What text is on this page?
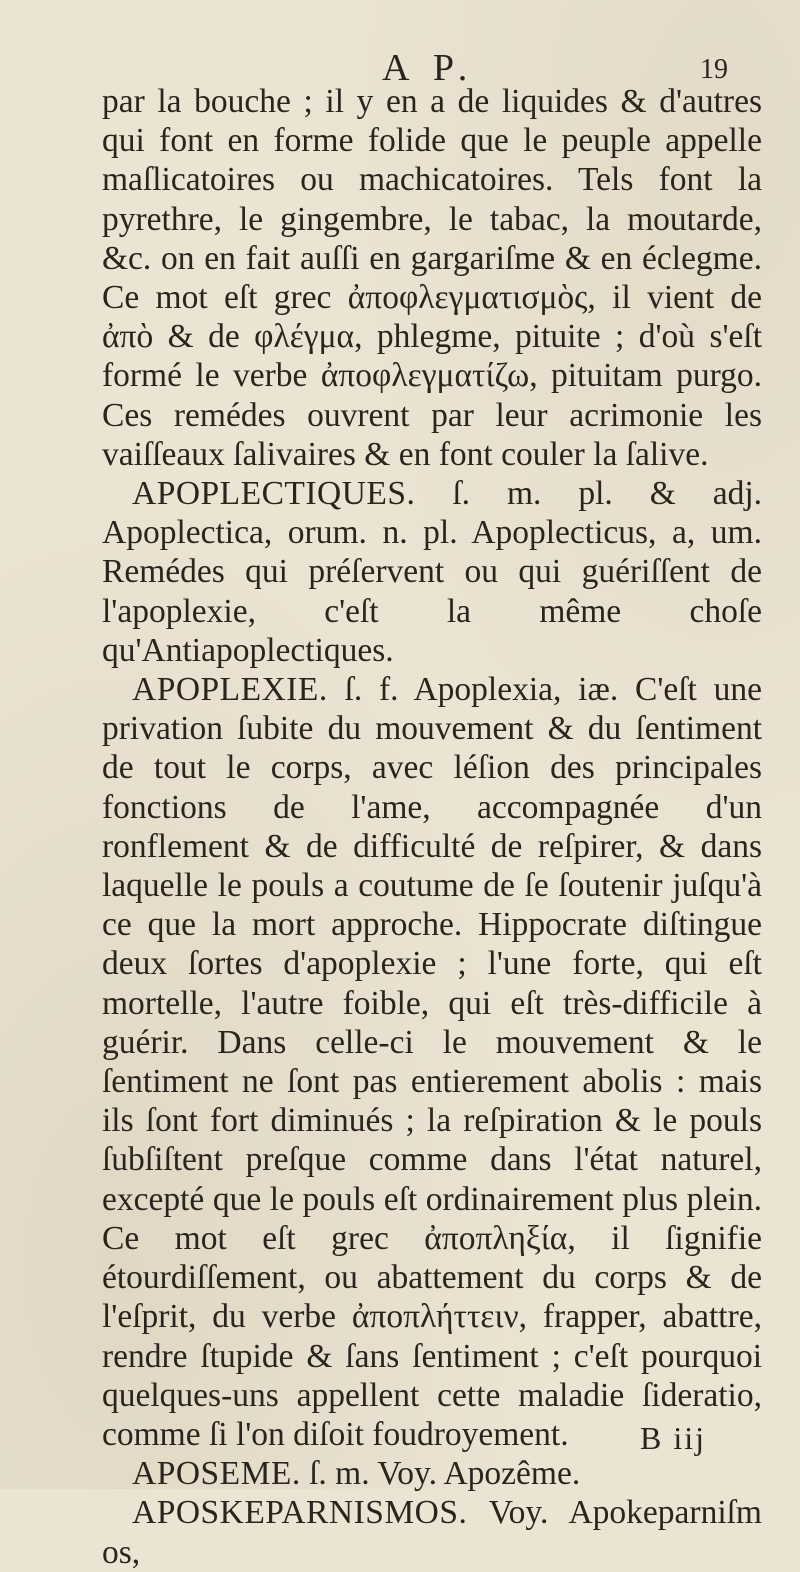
A P.	19

par la bouche ; il y en a de liquides & d'autres qui font en forme folide que le peuple appelle maſlicatoires ou machicatoires. Tels font la pyrethre, le gingembre, le tabac, la moutarde, &c. on en fait auſſi en gargariſme & en éclegme. Ce mot eſt grec ἀποφλεγματισμὸς, il vient de ἀπὸ & de φλέγμα, phlegme, pituite ; d'où s'eſt formé le verbe ἀποφλεγματίζω, pituitam purgo. Ces remédes ouvrent par leur acrimonie les vaiſſeaux ſalivaires & en font couler la ſalive.

APOPLECTIQUES. ſ. m. pl. & adj. Apoplectica, orum. n. pl. Apoplecticus, a, um. Remédes qui préſervent ou qui guériſſent de l'apoplexie, c'eſt la même choſe qu'Antiapoplectiques.

APOPLEXIE. ſ. f. Apoplexia, iæ. C'eſt une privation ſubite du mouvement & du ſentiment de tout le corps, avec léſion des principales fonctions de l'ame, accompagnée d'un ronflement & de difficulté de reſpirer, & dans laquelle le pouls a coutume de ſe ſoutenir juſqu'à ce que la mort approche. Hippocrate diſtingue deux ſortes d'apoplexie ; l'une forte, qui eſt mortelle, l'autre foible, qui eſt très-difficile à guérir. Dans celle-ci le mouvement & le ſentiment ne ſont pas entierement abolis : mais ils ſont fort diminués ; la reſpiration & le pouls ſubſiſtent preſque comme dans l'état naturel, excepté que le pouls eſt ordinairement plus plein. Ce mot eſt grec ἀποπληξία, il ſignifie étourdiſſement, ou abattement du corps & de l'eſprit, du verbe ἀποπλήττειν, frapper, abattre, rendre ſtupide & ſans ſentiment ; c'eſt pourquoi quelques-uns appellent cette maladie ſideratio, comme ſi l'on diſoit foudroyement.

APOSEME. ſ. m. Voy. Apozême.

APOSKEPARNISMOS. Voy. Apokeparniſm os,

B iij
